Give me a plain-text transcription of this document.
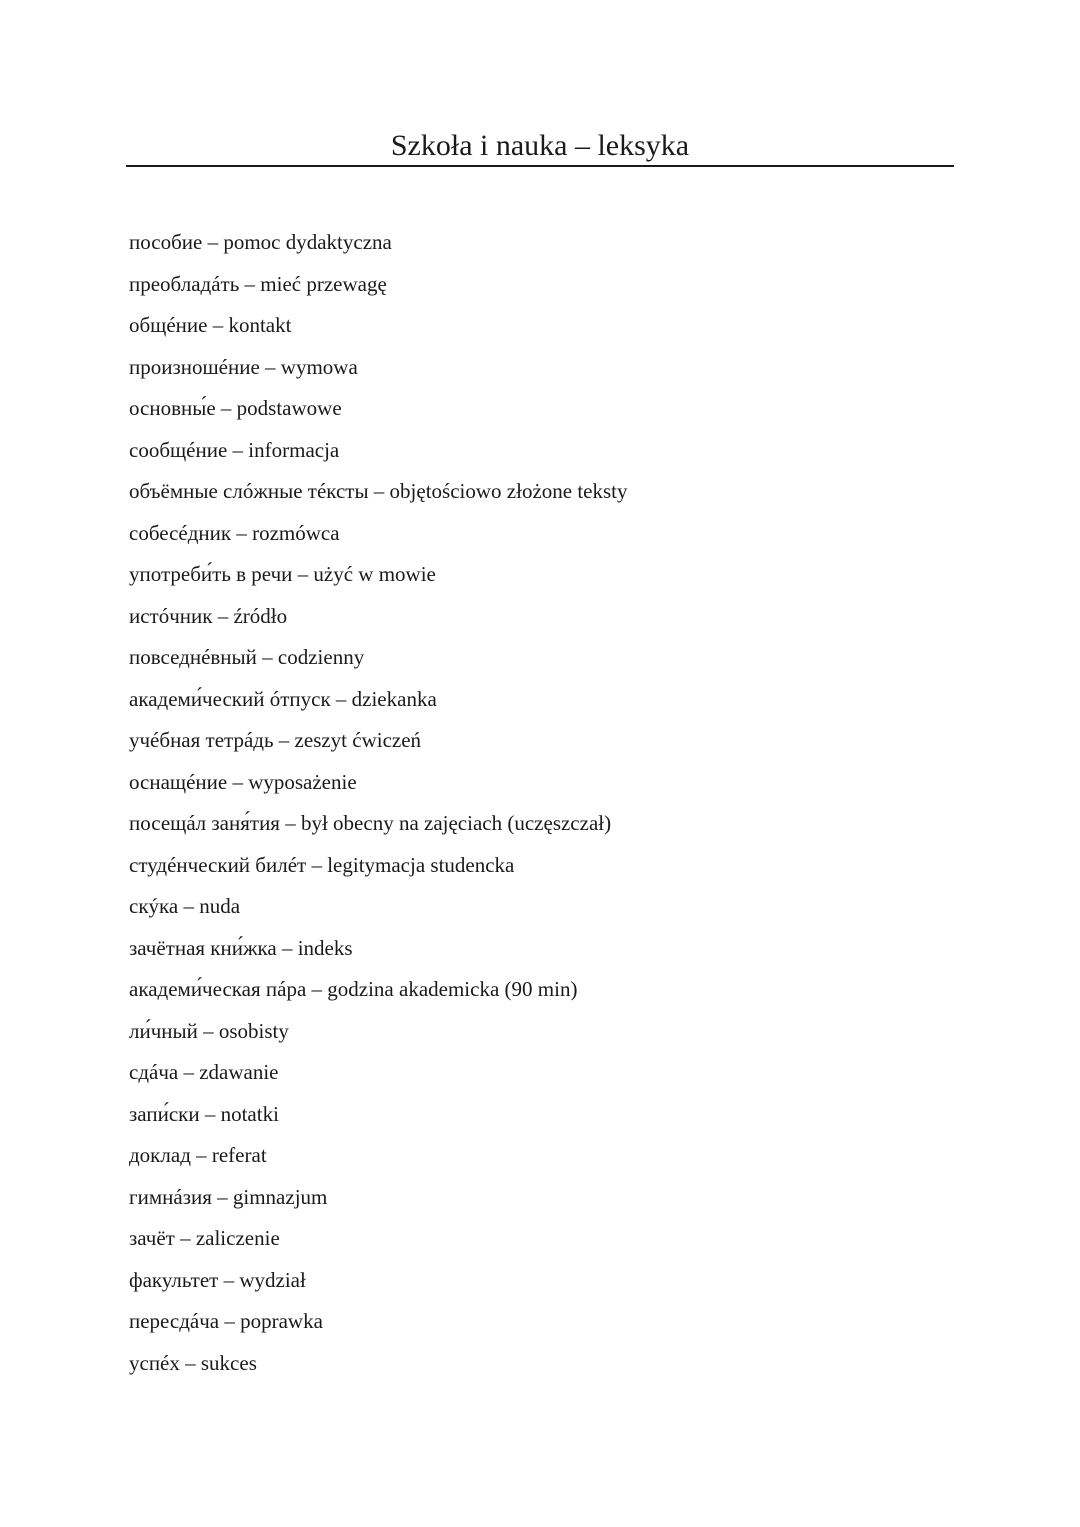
Szkoła i nauka – leksyka
пособие – pomoc dydaktyczna
преобладáть – mieć przewagę
общéние – kontakt
произношéние – wymowa
основны́е – podstawowe
сообщéние – informacja
объёмные слóжные тéксты – objętościowo złożone teksty
собесéдник – rozmówca
употреби́ть в речи – użyć w mowie
истóчник – źródło
повседнéвный – codzienny
академи́ческий óтпуск – dziekanka
учéбная тетрáдь – zeszyt ćwiczeń
оснащéние – wyposażenie
посещáл заня́тия – był obecny na zajęciach (uczęszczał)
студéнческий билéт – legitymacja studencka
скýка – nuda
зачётная кни́жка – indeks
академи́ческая пáра – godzina akademicka (90 min)
ли́чный – osobisty
сдáча – zdawanie
запи́ски – notatki
доклад – referat
гимнáзия – gimnazjum
зачёт – zaliczenie
факультет – wydział
пересдáча – poprawka
успéх – sukces
